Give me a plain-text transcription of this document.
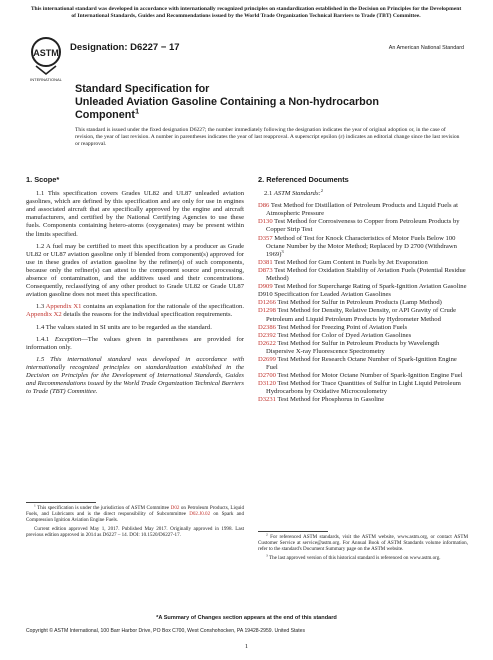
This international standard was developed in accordance with internationally recognized principles on standardization established in the Decision on Principles for the Development of International Standards, Guides and Recommendations issued by the World Trade Organization Technical Barriers to Trade (TBT) Committee.
ASTM
INTERNATIONAL
Designation: D6227 − 17	An American National Standard
Standard Specification for
Unleaded Aviation Gasoline Containing a Non-hydrocarbon Component$^1$
This standard is issued under the fixed designation D6227; the number immediately following the designation indicates the year of original adoption or, in the case of revision, the year of last revision. A number in parentheses indicates the year of last reapproval. A superscript epsilon (ε) indicates an editorial change since the last revision or reapproval.
1. Scope*

1.1 This specification covers Grades UL82 and UL87 unleaded aviation gasolines, which are defined by this specification and are only for use in engines and associated aircraft that are specifically approved by the engine and aircraft manufacturers, and certified by the National Certifying Agencies to use these fuels. Components containing hetero-atoms (oxygenates) may be present within the limits specified.

1.2 A fuel may be certified to meet this specification by a producer as Grade UL82 or UL87 aviation gasoline only if blended from component(s) approved for use in these grades of aviation gasoline by the refiner(s) of such components, because only the refiner(s) can attest to the component source and processing, absence of contamination, and the additives used and their concentrations. Consequently, reclassifying of any other product to Grade UL82 or Grade UL87 aviation gasoline does not meet this specification.

1.3 Appendix X1 contains an explanation for the rationale of the specification. Appendix X2 details the reasons for the individual specification requirements.

1.4 The values stated in SI units are to be regarded as the standard.

1.4.1 Exception—The values given in parentheses are provided for information only.

1.5 This international standard was developed in accordance with internationally recognized principles on standardization established in the Decision on Principles for the Development of International Standards, Guides and Recommendations issued by the World Trade Organization Technical Barriers to Trade (TBT) Committee.

$^1$ This specification is under the jurisdiction of ASTM Committee D02 on Petroleum Products, Liquid Fuels, and Lubricants and is the direct responsibility of Subcommittee D02.J0.02 on Spark and Compression Ignition Aviation Engine Fuels.

Current edition approved May 1, 2017. Published May 2017. Originally approved in 1998. Last previous edition approved in 2014 as D6227 – 14. DOI: 10.1520/D6227-17.

2. Referenced Documents

2.1 ASTM Standards:$^2$

D86 Test Method for Distillation of Petroleum Products and Liquid Fuels at Atmospheric Pressure

D130 Test Method for Corrosiveness to Copper from Petroleum Products by Copper Strip Test

D357 Method of Test for Knock Characteristics of Motor Fuels Below 100 Octane Number by the Motor Method; Replaced by D 2700 (Withdrawn 1969)$^3$

D381 Test Method for Gum Content in Fuels by Jet Evaporation

D873 Test Method for Oxidation Stability of Aviation Fuels (Potential Residue Method)

D909 Test Method for Supercharge Rating of Spark-Ignition Aviation Gasoline

D910 Specification for Leaded Aviation Gasolines

D1266 Test Method for Sulfur in Petroleum Products (Lamp Method)

D1298 Test Method for Density, Relative Density, or API Gravity of Crude Petroleum and Liquid Petroleum Products by Hydrometer Method

D2386 Test Method for Freezing Point of Aviation Fuels

D2392 Test Method for Color of Dyed Aviation Gasolines

D2622 Test Method for Sulfur in Petroleum Products by Wavelength Dispersive X-ray Fluorescence Spectrometry

D2699 Test Method for Research Octane Number of Spark-Ignition Engine Fuel

D2700 Test Method for Motor Octane Number of Spark-Ignition Engine Fuel

D3120 Test Method for Trace Quantities of Sulfur in Light Liquid Petroleum Hydrocarbons by Oxidative Microcoulometry

D3231 Test Method for Phosphorus in Gasoline

$^2$ For referenced ASTM standards, visit the ASTM website, www.astm.org, or contact ASTM Customer Service at service@astm.org. For Annual Book of ASTM Standards volume information, refer to the standard's Document Summary page on the ASTM website.

$^3$ The last approved version of this historical standard is referenced on www.astm.org.

*A Summary of Changes section appears at the end of this standard
Copyright © ASTM International, 100 Barr Harbor Drive, PO Box C700, West Conshohocken, PA 19428-2959. United States
1
